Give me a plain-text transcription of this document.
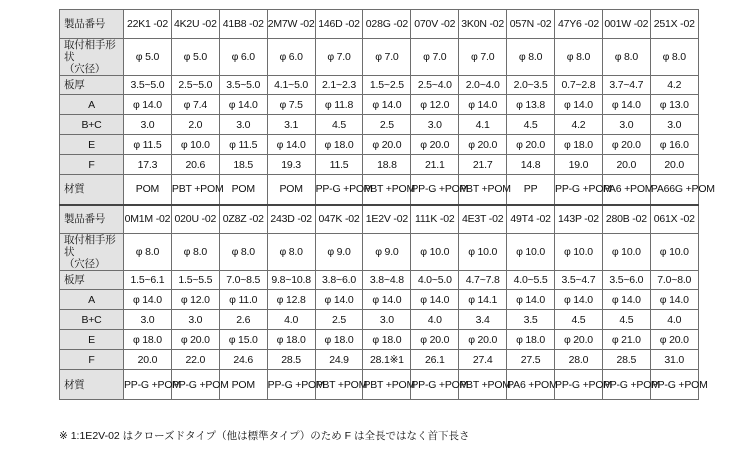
製品番号	22K1 -02	4K2U -02	41B8 -02	2M7W -02	146D -02	028G -02	070V -02	3K0N -02	057N -02	47Y6 -02	001W -02	251X -02
取付相手形状
（穴径）	φ 5.0	φ 5.0	φ 6.0	φ 6.0	φ 7.0	φ 7.0	φ 7.0	φ 7.0	φ 8.0	φ 8.0	φ 8.0	φ 8.0
板厚	3.5~5.0	2.5~5.0	3.5~5.0	4.1~5.0	2.1~2.3	1.5~2.5	2.5~4.0	2.0~4.0	2.0~3.5	0.7~2.8	3.7~4.7	4.2
A	φ 14.0	φ 7.4	φ 14.0	φ 7.5	φ 11.8	φ 14.0	φ 12.0	φ 14.0	φ 13.8	φ 14.0	φ 14.0	φ 13.0
B+C	3.0	2.0	3.0	3.1	4.5	2.5	3.0	4.1	4.5	4.2	3.0	3.0
E	φ 11.5	φ 10.0	φ 11.5	φ 14.0	φ 18.0	φ 20.0	φ 20.0	φ 20.0	φ 20.0	φ 18.0	φ 20.0	φ 16.0
F	17.3	20.6	18.5	19.3	11.5	18.8	21.1	21.7	14.8	19.0	20.0	20.0
材質	POM	PBT +POM	POM	POM	PP-G +POM	PBT +POM	PP-G +POM	PBT +POM	PP	PP-G +POM	PA6 +POM	PA66G +POM
製品番号	0M1M -02	020U -02	0Z8Z -02	243D -02	047K -02	1E2V -02	111K -02	4E3T -02	49T4 -02	143P -02	280B -02	061X -02
取付相手形状
（穴径）	φ 8.0	φ 8.0	φ 8.0	φ 8.0	φ 9.0	φ 9.0	φ 10.0	φ 10.0	φ 10.0	φ 10.0	φ 10.0	φ 10.0
板厚	1.5~6.1	1.5~5.5	7.0~8.5	9.8~10.8	3.8~6.0	3.8~4.8	4.0~5.0	4.7~7.8	4.0~5.5	3.5~4.7	3.5~6.0	7.0~8.0
A	φ 14.0	φ 12.0	φ 11.0	φ 12.8	φ 14.0	φ 14.0	φ 14.0	φ 14.1	φ 14.0	φ 14.0	φ 14.0	φ 14.0
B+C	3.0	3.0	2.6	4.0	2.5	3.0	4.0	3.4	3.5	4.5	4.5	4.0
E	φ 18.0	φ 20.0	φ 15.0	φ 18.0	φ 18.0	φ 18.0	φ 20.0	φ 20.0	φ 18.0	φ 20.0	φ 21.0	φ 20.0
F	20.0	22.0	24.6	28.5	24.9	28.1※1	26.1	27.4	27.5	28.0	28.5	31.0
材質	PP-G +POM	PP-G +POM	POM	PP-G +POM	PBT +POM	PBT +POM	PP-G +POM	PBT +POM	PA6 +POM	PP-G +POM	PP-G +POM	PP-G +POM
※ 1:1E2V-02 はクローズドタイプ（他は標準タイプ）のため F は全長ではなく首下長さ
